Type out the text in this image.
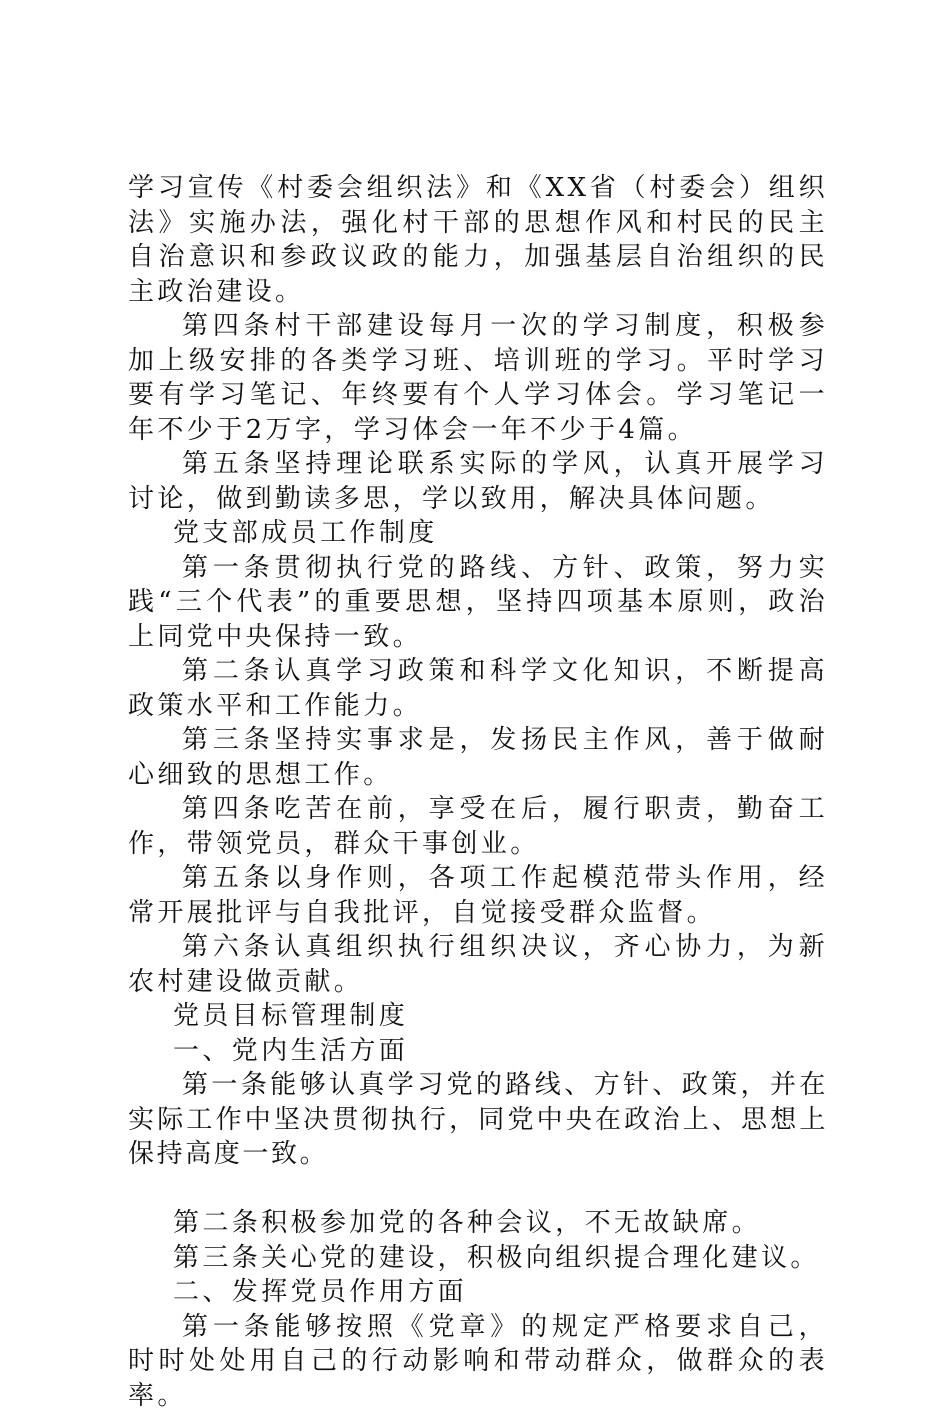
学习宣传《村委会组织法》和《XX省（村委会）组织法》实施办法，强化村干部的思想作风和村民的民主自治意识和参政议政的能力，加强基层自治组织的民主政治建设。

第四条村干部建设每月一次的学习制度，积极参加上级安排的各类学习班、培训班的学习。平时学习要有学习笔记、年终要有个人学习体会。学习笔记一年不少于2万字，学习体会一年不少于4篇。

第五条坚持理论联系实际的学风，认真开展学习讨论，做到勤读多思，学以致用，解决具体问题。

党支部成员工作制度

第一条贯彻执行党的路线、方针、政策，努力实践“三个代表”的重要思想，坚持四项基本原则，政治上同党中央保持一致。

第二条认真学习政策和科学文化知识，不断提高政策水平和工作能力。

第三条坚持实事求是，发扬民主作风，善于做耐心细致的思想工作。

第四条吃苦在前，享受在后，履行职责，勤奋工作，带领党员，群众干事创业。

第五条以身作则，各项工作起模范带头作用，经常开展批评与自我批评，自觉接受群众监督。

第六条认真组织执行组织决议，齐心协力，为新农村建设做贡献。

党员目标管理制度

一、党内生活方面

第一条能够认真学习党的路线、方针、政策，并在实际工作中坚决贯彻执行，同党中央在政治上、思想上保持高度一致。

第二条积极参加党的各种会议，不无故缺席。

第三条关心党的建设，积极向组织提合理化建议。

二、发挥党员作用方面

第一条能够按照《党章》的规定严格要求自己，时时处处用自己的行动影响和带动群众，做群众的表率。
